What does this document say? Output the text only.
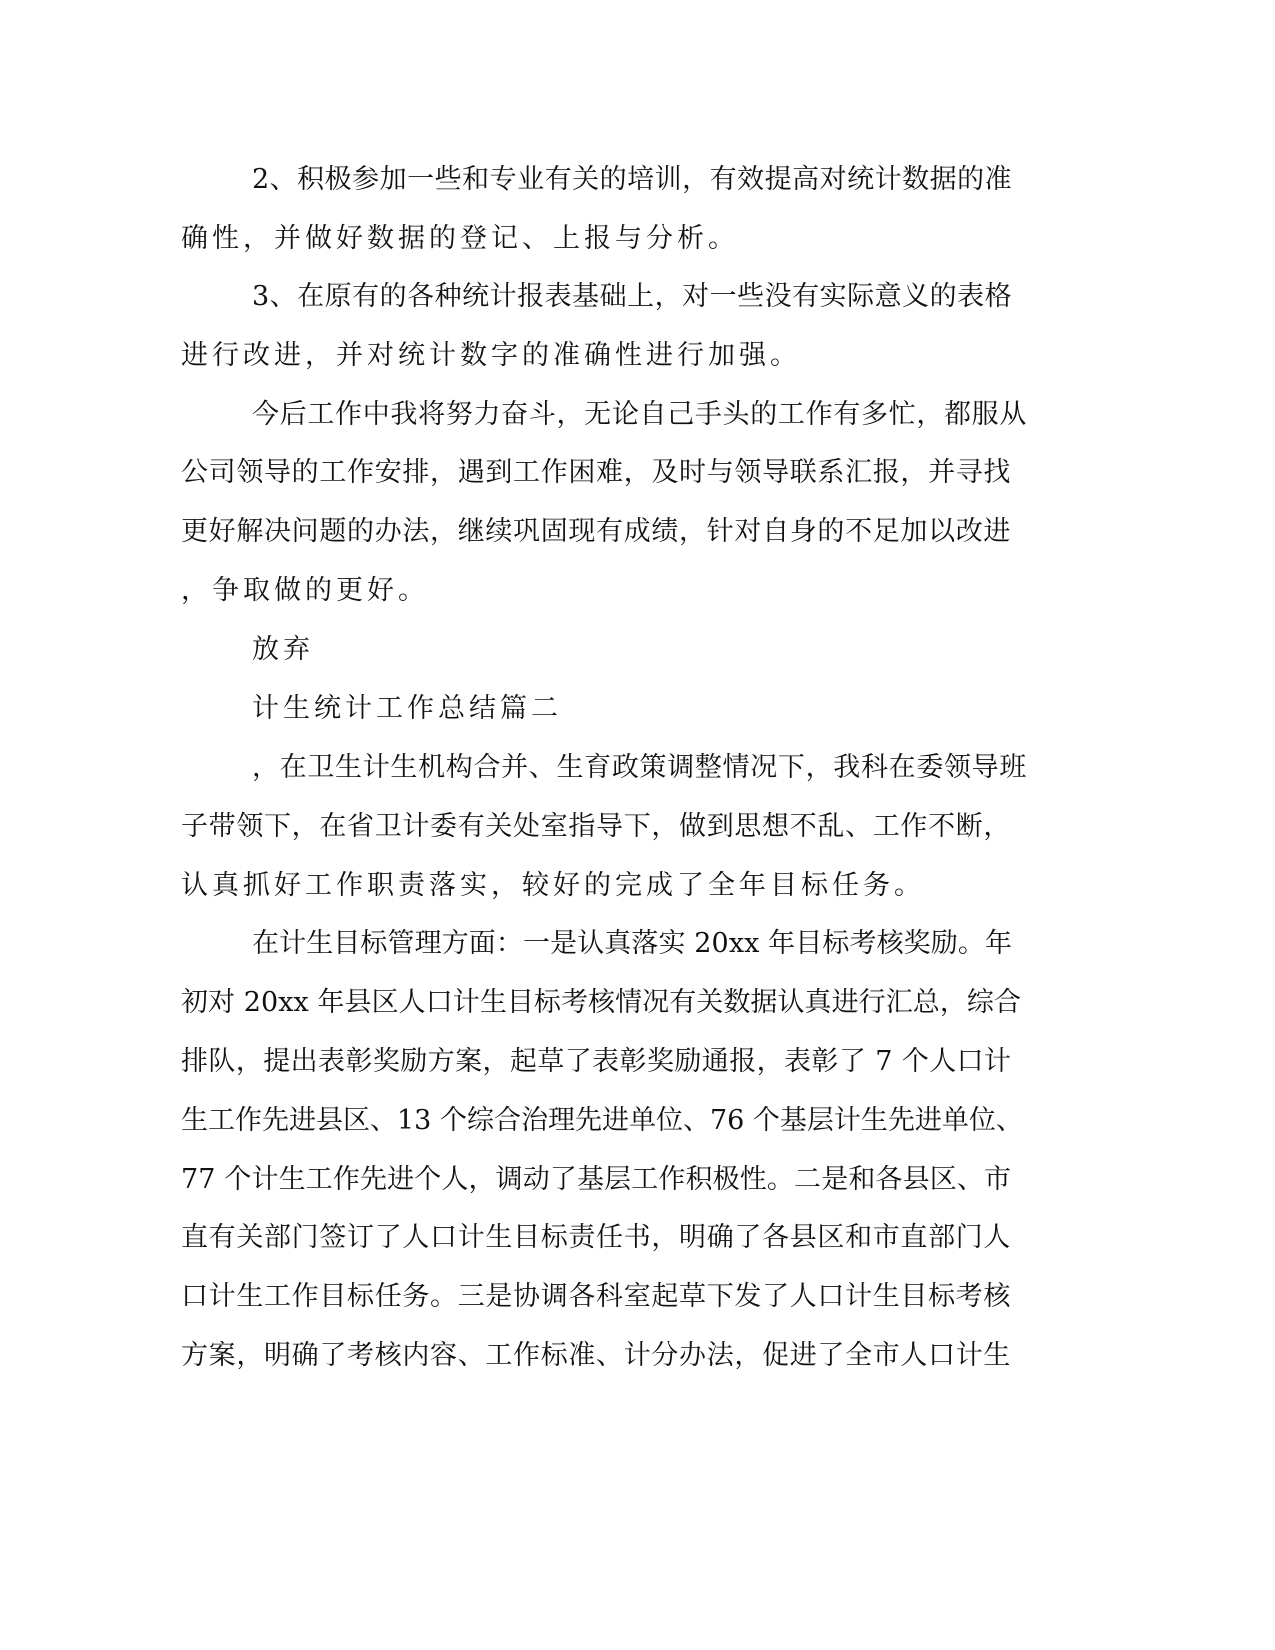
2、积极参加一些和专业有关的培训，有效提高对统计数据的准
确性，并做好数据的登记、上报与分析。
3、在原有的各种统计报表基础上，对一些没有实际意义的表格
进行改进，并对统计数字的准确性进行加强。
今后工作中我将努力奋斗，无论自己手头的工作有多忙，都服从
公司领导的工作安排，遇到工作困难，及时与领导联系汇报，并寻找
更好解决问题的办法，继续巩固现有成绩，针对自身的不足加以改进
，争取做的更好。
放弃
计生统计工作总结篇二
，在卫生计生机构合并、生育政策调整情况下，我科在委领导班
子带领下，在省卫计委有关处室指导下，做到思想不乱、工作不断，
认真抓好工作职责落实，较好的完成了全年目标任务。
在计生目标管理方面：一是认真落实 20xx 年目标考核奖励。年
初对 20xx 年县区人口计生目标考核情况有关数据认真进行汇总，综合
排队，提出表彰奖励方案，起草了表彰奖励通报，表彰了 7 个人口计
生工作先进县区、13 个综合治理先进单位、76 个基层计生先进单位、
77 个计生工作先进个人，调动了基层工作积极性。二是和各县区、市
直有关部门签订了人口计生目标责任书，明确了各县区和市直部门人
口计生工作目标任务。三是协调各科室起草下发了人口计生目标考核
方案，明确了考核内容、工作标准、计分办法，促进了全市人口计生
